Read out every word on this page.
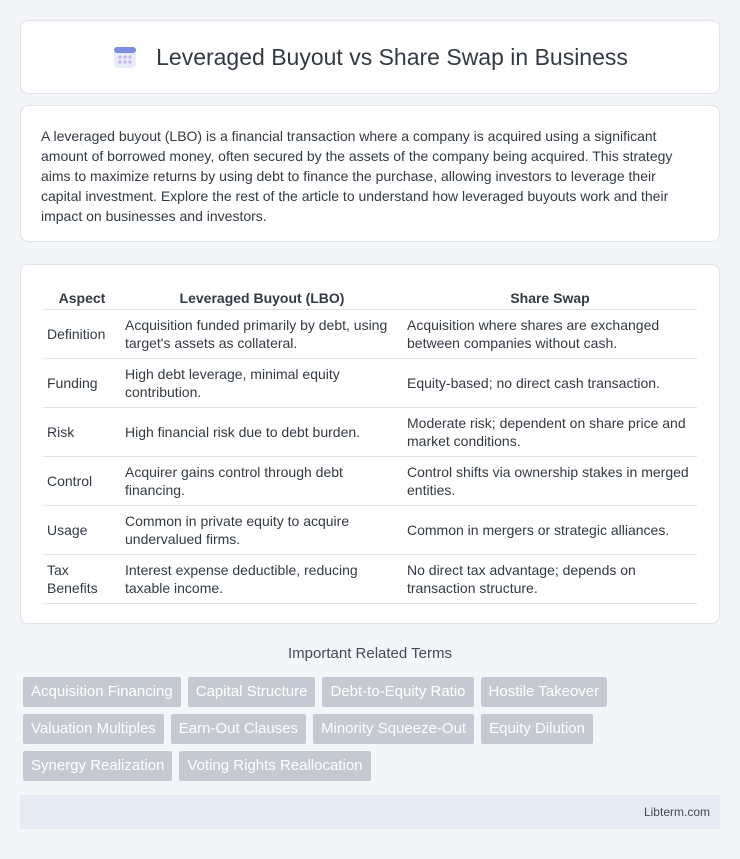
Leveraged Buyout vs Share Swap in Business

A leveraged buyout (LBO) is a financial transaction where a company is acquired using a significant amount of borrowed money, often secured by the assets of the company being acquired. This strategy aims to maximize returns by using debt to finance the purchase, allowing investors to leverage their capital investment. Explore the rest of the article to understand how leveraged buyouts work and their impact on businesses and investors.

Aspect	Leveraged Buyout (LBO)	Share Swap
Definition	Acquisition funded primarily by debt, using target's assets as collateral.	Acquisition where shares are exchanged between companies without cash.
Funding	High debt leverage, minimal equity contribution.	Equity-based; no direct cash transaction.
Risk	High financial risk due to debt burden.	Moderate risk; dependent on share price and market conditions.
Control	Acquirer gains control through debt financing.	Control shifts via ownership stakes in merged entities.
Usage	Common in private equity to acquire undervalued firms.	Common in mergers or strategic alliances.
Tax Benefits	Interest expense deductible, reducing taxable income.	No direct tax advantage; depends on transaction structure.
Important Related Terms
Acquisition Financing	Capital Structure	Debt-to-Equity Ratio	Hostile Takeover
Valuation Multiples	Earn-Out Clauses	Minority Squeeze-Out	Equity Dilution
Synergy Realization	Voting Rights Reallocation
Libterm.com
